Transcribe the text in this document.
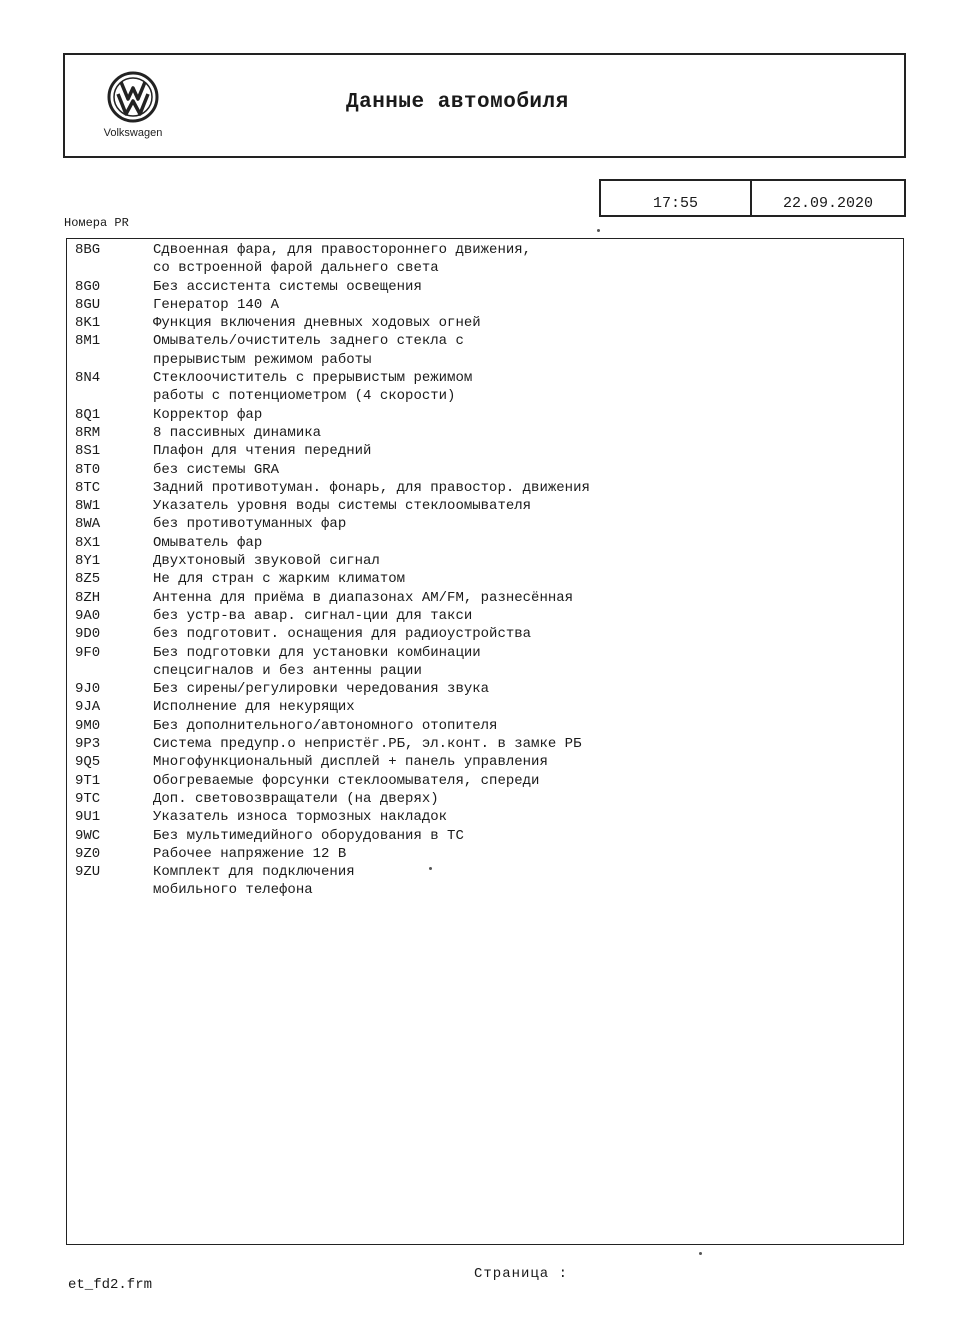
Volkswagen
Данные автомобиля
17:55	22.09.2020
Номера PR
8BG	Сдвоенная фара, для правостороннего движения,
со встроенной фарой дальнего света
8G0	Без ассистента системы освещения
8GU	Генератор 140 A
8K1	Функция включения дневных ходовых огней
8M1	Омыватель/очиститель заднего стекла с
прерывистым режимом работы
8N4	Стеклоочиститель с прерывистым режимом
работы с потенциометром (4 скорости)
8Q1	Корректор фар
8RM	8 пассивных динамика
8S1	Плафон для чтения передний
8T0	без системы GRA
8TC	Задний противотуман. фонарь, для правостор. движения
8W1	Указатель уровня воды системы стеклоомывателя
8WA	без противотуманных фар
8X1	Омыватель фар
8Y1	Двухтоновый звуковой сигнал
8Z5	Не для стран с жарким климатом
8ZH	Антенна для приёма в диапазонах AM/FM, разнесённая
9A0	без устр-ва авар. сигнал-ции для такси
9D0	без подготовит. оснащения для радиоустройства
9F0	Без подготовки для установки комбинации
спецсигналов и без антенны рации
9J0	Без сирены/регулировки чередования звука
9JA	Исполнение для некурящих
9M0	Без дополнительного/автономного отопителя
9P3	Система предупр.о непристёг.РБ, эл.конт. в замке РБ
9Q5	Многофункциональный дисплей + панель управления
9T1	Обогреваемые форсунки стеклоомывателя, спереди
9TC	Доп. световозвращатели (на дверях)
9U1	Указатель износа тормозных накладок
9WC	Без мультимедийного оборудования в ТС
9Z0	Рабочее напряжение 12 В
9ZU	Комплект для подключения
мобильного телефона
et_fd2.frm
Страница :
